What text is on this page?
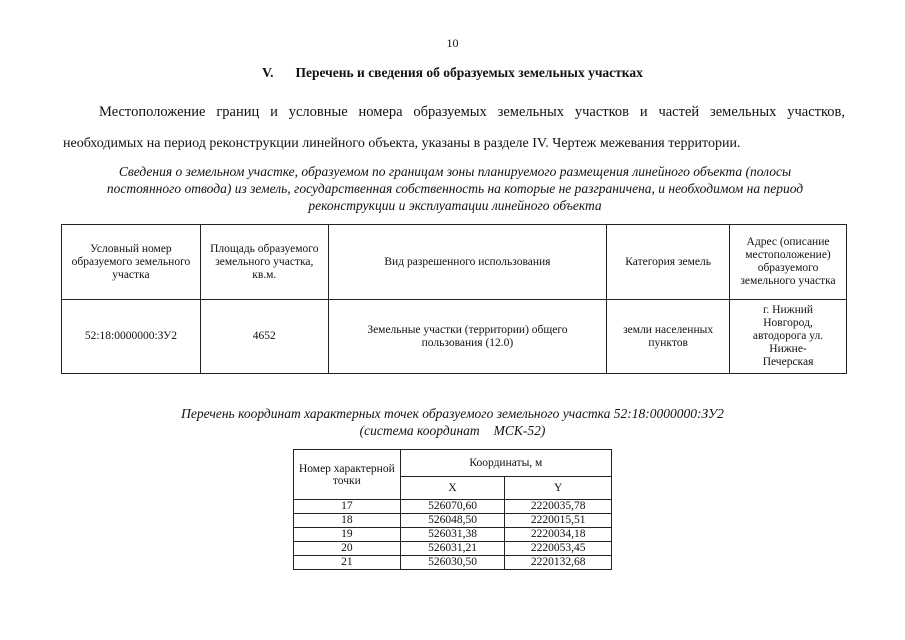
10
V. Перечень и сведения об образуемых земельных участках
Местоположение границ и условные номера образуемых земельных участков и частей земельных участков,
необходимых на период реконструкции линейного объекта, указаны в разделе IV. Чертеж межевания территории.
Сведения о земельном участке, образуемом по границам зоны планируемого размещения линейного объекта (полосы
постоянного отвода) из земель, государственная собственность на которые не разграничена, и необходимом на период
реконструкции и эксплуатации линейного объекта
Условный номер образуемого земельного участка	Площадь образуемого земельного участка, кв.м.	Вид разрешенного использования	Категория земель	Адрес (описание местоположение) образуемого земельного участка
52:18:0000000:ЗУ2	4652	Земельные участки (территории) общего пользования (12.0)	земли населенных пунктов	г. Нижний Новгород, автодорога ул. Нижне-Печерская
Перечень координат характерных точек образуемого земельного участка 52:18:0000000:ЗУ2
(система координат МСК-52)
Номер характерной точки	Координаты, м	
	X	Y
17	526070,60	2220035,78
18	526048,50	2220015,51
19	526031,38	2220034,18
20	526031,21	2220053,45
21	526030,50	2220132,68
